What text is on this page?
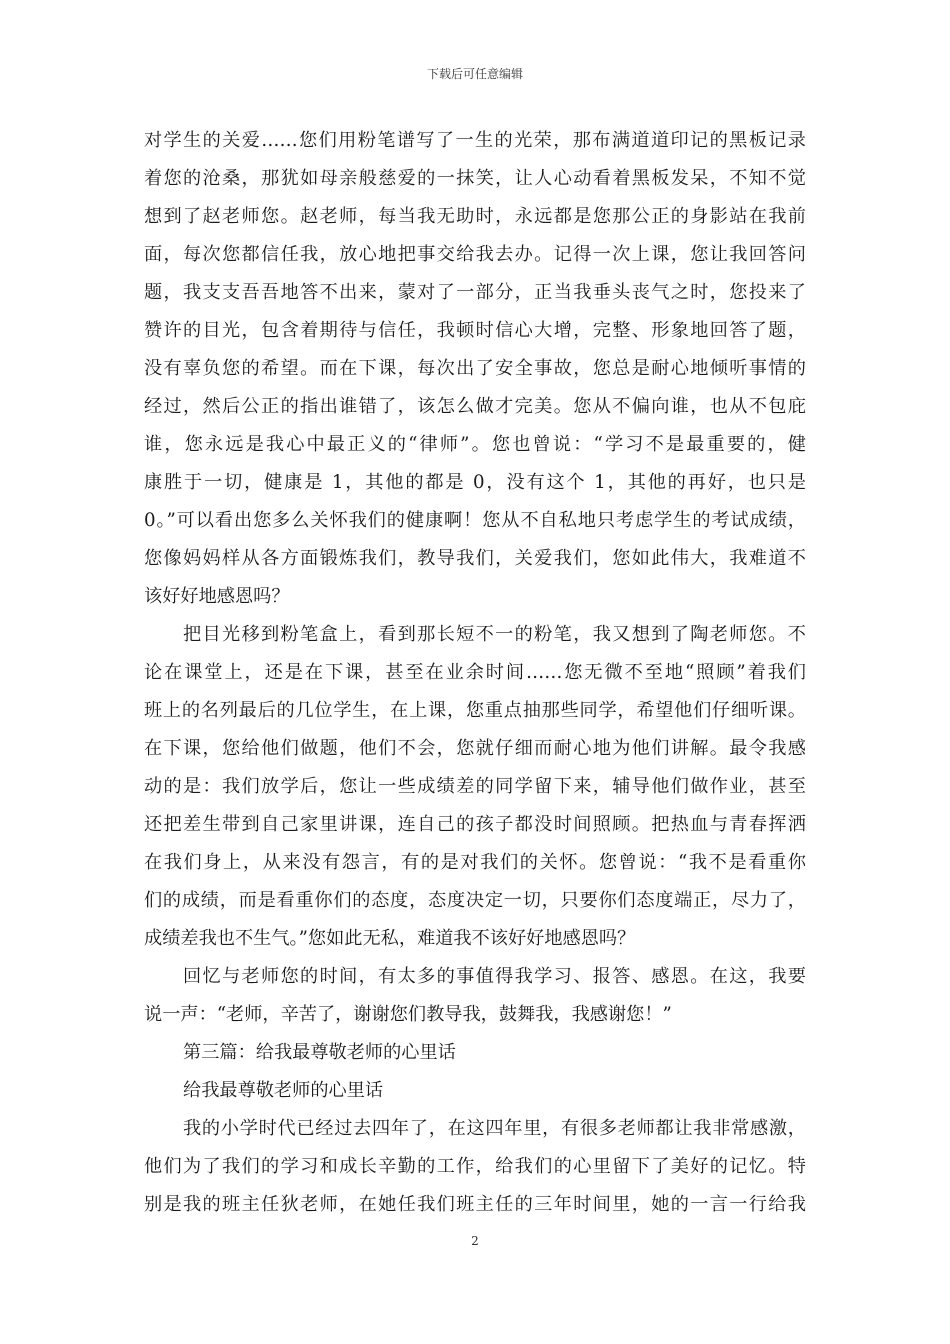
下载后可任意编辑
对学生的关爱……您们用粉笔谱写了一生的光荣，那布满道道印记的黑板记录
着您的沧桑，那犹如母亲般慈爱的一抹笑，让人心动看着黑板发呆，不知不觉
想到了赵老师您。赵老师，每当我无助时，永远都是您那公正的身影站在我前
面，每次您都信任我，放心地把事交给我去办。记得一次上课，您让我回答问
题，我支支吾吾地答不出来，蒙对了一部分，正当我垂头丧气之时，您投来了
赞许的目光，包含着期待与信任，我顿时信心大增，完整、形象地回答了题，
没有辜负您的希望。而在下课，每次出了安全事故，您总是耐心地倾听事情的
经过，然后公正的指出谁错了，该怎么做才完美。您从不偏向谁，也从不包庇
谁，您永远是我心中最正义的“律师”。您也曾说：“学习不是最重要的，健
康胜于一切，健康是 1，其他的都是 0，没有这个 1，其他的再好，也只是
0。”可以看出您多么关怀我们的健康啊！您从不自私地只考虑学生的考试成绩，
您像妈妈样从各方面锻炼我们，教导我们，关爱我们，您如此伟大，我难道不
该好好地感恩吗？
把目光移到粉笔盒上，看到那长短不一的粉笔，我又想到了陶老师您。不
论在课堂上，还是在下课，甚至在业余时间……您无微不至地“照顾”着我们
班上的名列最后的几位学生，在上课，您重点抽那些同学，希望他们仔细听课。
在下课，您给他们做题，他们不会，您就仔细而耐心地为他们讲解。最令我感
动的是：我们放学后，您让一些成绩差的同学留下来，辅导他们做作业，甚至
还把差生带到自己家里讲课，连自己的孩子都没时间照顾。把热血与青春挥洒
在我们身上，从来没有怨言，有的是对我们的关怀。您曾说：“我不是看重你
们的成绩，而是看重你们的态度，态度决定一切，只要你们态度端正，尽力了，
成绩差我也不生气。”您如此无私，难道我不该好好地感恩吗？
回忆与老师您的时间，有太多的事值得我学习、报答、感恩。在这，我要
说一声：“老师，辛苦了，谢谢您们教导我，鼓舞我，我感谢您！”
第三篇：给我最尊敬老师的心里话
给我最尊敬老师的心里话
我的小学时代已经过去四年了，在这四年里，有很多老师都让我非常感激，
他们为了我们的学习和成长辛勤的工作，给我们的心里留下了美好的记忆。特
别是我的班主任狄老师，在她任我们班主任的三年时间里，她的一言一行给我
2
